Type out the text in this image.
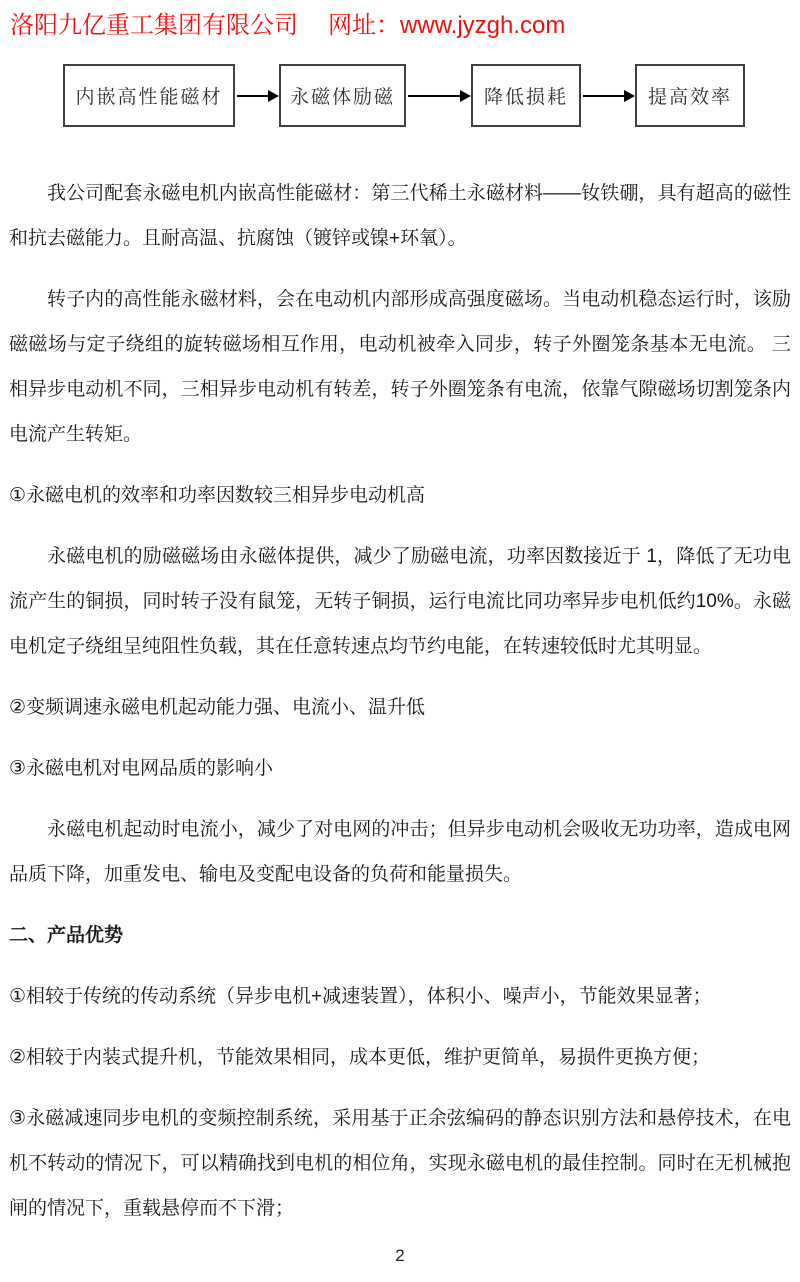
洛阳九亿重工集团有限公司 网址：www.jyzgh.com
内嵌高性能磁材	永磁体励磁	降低损耗	提高效率

我公司配套永磁电机内嵌高性能磁材：第三代稀土永磁材料――钕铁硼，具有超高的磁性和抗去磁能力。且耐高温、抗腐蚀（镀锌或镍+环氧）。

转子内的高性能永磁材料，会在电动机内部形成高强度磁场。当电动机稳态运行时，该励磁磁场与定子绕组的旋转磁场相互作用，电动机被牵入同步，转子外圈笼条基本无电流。 三相异步电动机不同，三相异步电动机有转差，转子外圈笼条有电流，依靠气隙磁场切割笼条内电流产生转矩。

①永磁电机的效率和功率因数较三相异步电动机高

永磁电机的励磁磁场由永磁体提供，减少了励磁电流，功率因数接近于 1，降低了无功电流产生的铜损，同时转子没有鼠笼，无转子铜损，运行电流比同功率异步电机低约10%。永磁电机定子绕组呈纯阻性负载，其在任意转速点均节约电能，在转速较低时尤其明显。

②变频调速永磁电机起动能力强、电流小、温升低

③永磁电机对电网品质的影响小

永磁电机起动时电流小，减少了对电网的冲击；但异步电动机会吸收无功功率，造成电网品质下降，加重发电、输电及变配电设备的负荷和能量损失。

二、产品优势

①相较于传统的传动系统（异步电机+减速装置），体积小、噪声小，节能效果显著；

②相较于内装式提升机，节能效果相同，成本更低，维护更简单，易损件更换方便；

③永磁减速同步电机的变频控制系统，采用基于正余弦编码的静态识别方法和悬停技术，在电机不转动的情况下，可以精确找到电机的相位角，实现永磁电机的最佳控制。同时在无机械抱闸的情况下，重载悬停而不下滑；

2
